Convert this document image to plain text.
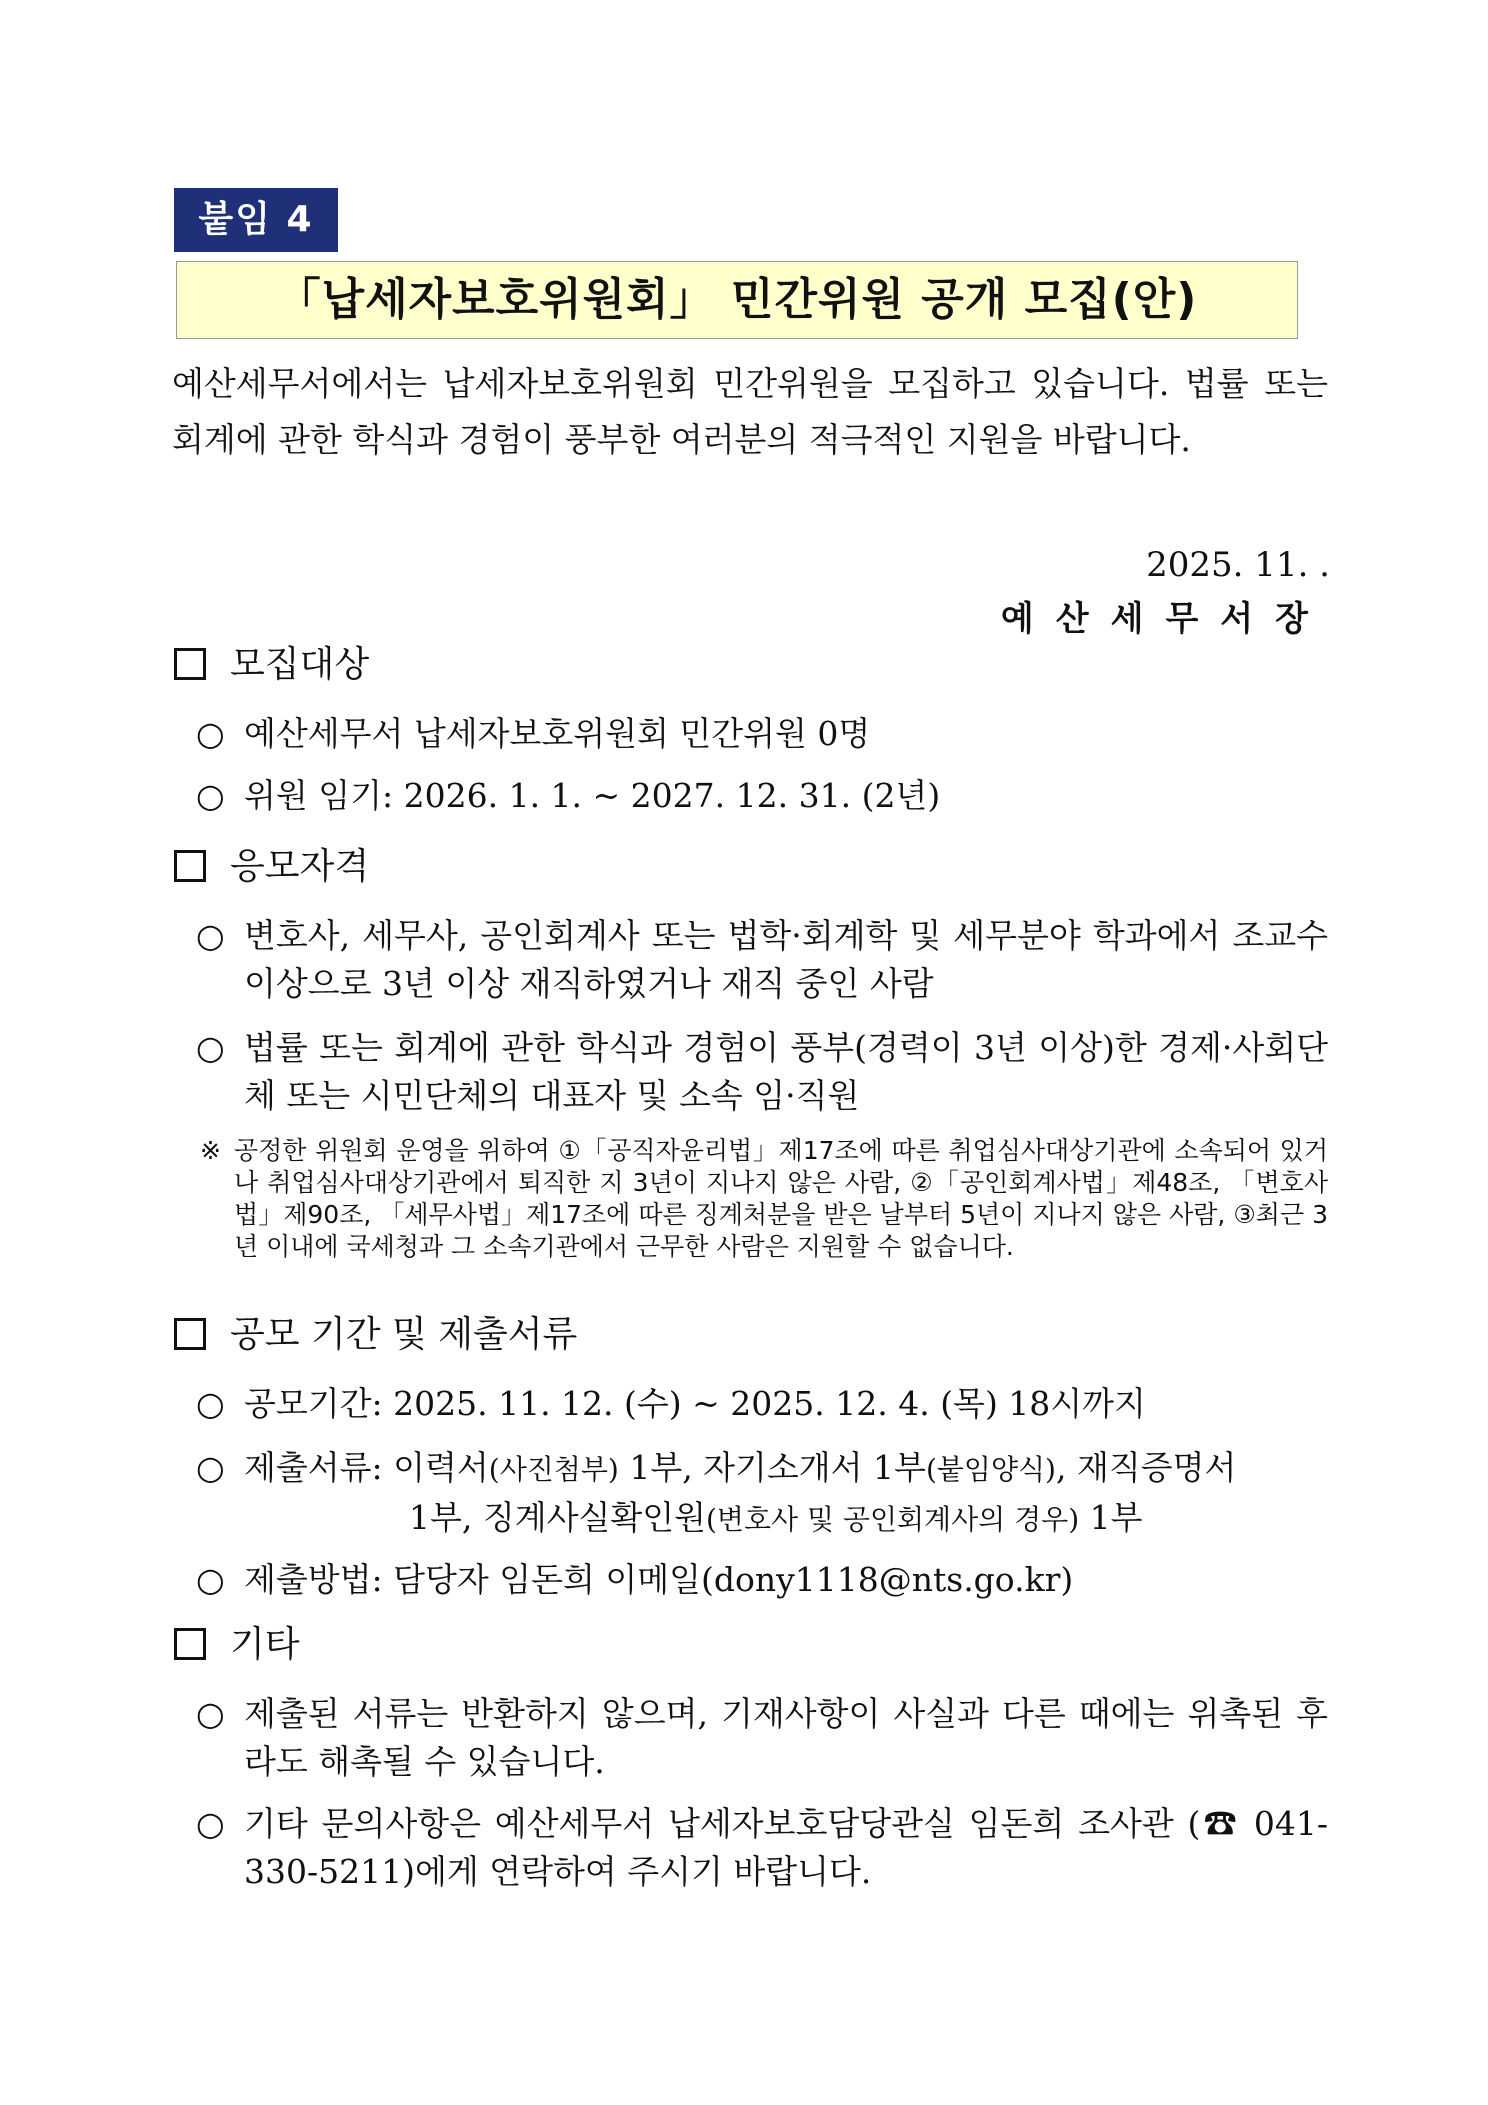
붙임 4
「납세자보호위원회」 민간위원 공개 모집(안)
예산세무서에서는 납세자보호위원회 민간위원을 모집하고 있습니다. 법률 또는 회계에 관한 학식과 경험이 풍부한 여러분의 적극적인 지원을 바랍니다.
2025. 11. .
예산세무서장
모집대상
○ 예산세무서 납세자보호위원회 민간위원 0명
○ 위원 임기: 2026. 1. 1. ~ 2027. 12. 31. (2년)
응모자격
○ 변호사, 세무사, 공인회계사 또는 법학·회계학 및 세무분야 학과에서 조교수 이상으로 3년 이상 재직하였거나 재직 중인 사람
○ 법률 또는 회계에 관한 학식과 경험이 풍부(경력이 3년 이상)한 경제·사회단체 또는 시민단체의 대표자 및 소속 임·직원
※ 공정한 위원회 운영을 위하여 ①「공직자윤리법」제17조에 따른 취업심사대상기관에 소속되어 있거나 취업심사대상기관에서 퇴직한 지 3년이 지나지 않은 사람, ②「공인회계사법」제48조, 「변호사법」제90조, 「세무사법」제17조에 따른 징계처분을 받은 날부터 5년이 지나지 않은 사람, ③최근 3년 이내에 국세청과 그 소속기관에서 근무한 사람은 지원할 수 없습니다.
공모 기간 및 제출서류
○ 공모기간: 2025. 11. 12. (수) ~ 2025. 12. 4. (목) 18시까지
○ 제출서류: 이력서(사진첨부) 1부, 자기소개서 1부(붙임양식), 재직증명서
1부, 징계사실확인원(변호사 및 공인회계사의 경우) 1부
○ 제출방법: 담당자 임돈희 이메일(dony1118@nts.go.kr)
기타
○ 제출된 서류는 반환하지 않으며, 기재사항이 사실과 다른 때에는 위촉된 후라도 해촉될 수 있습니다.
○ 기타 문의사항은 예산세무서 납세자보호담당관실 임돈희 조사관 (☎ 041-330-5211)에게 연락하여 주시기 바랍니다.
